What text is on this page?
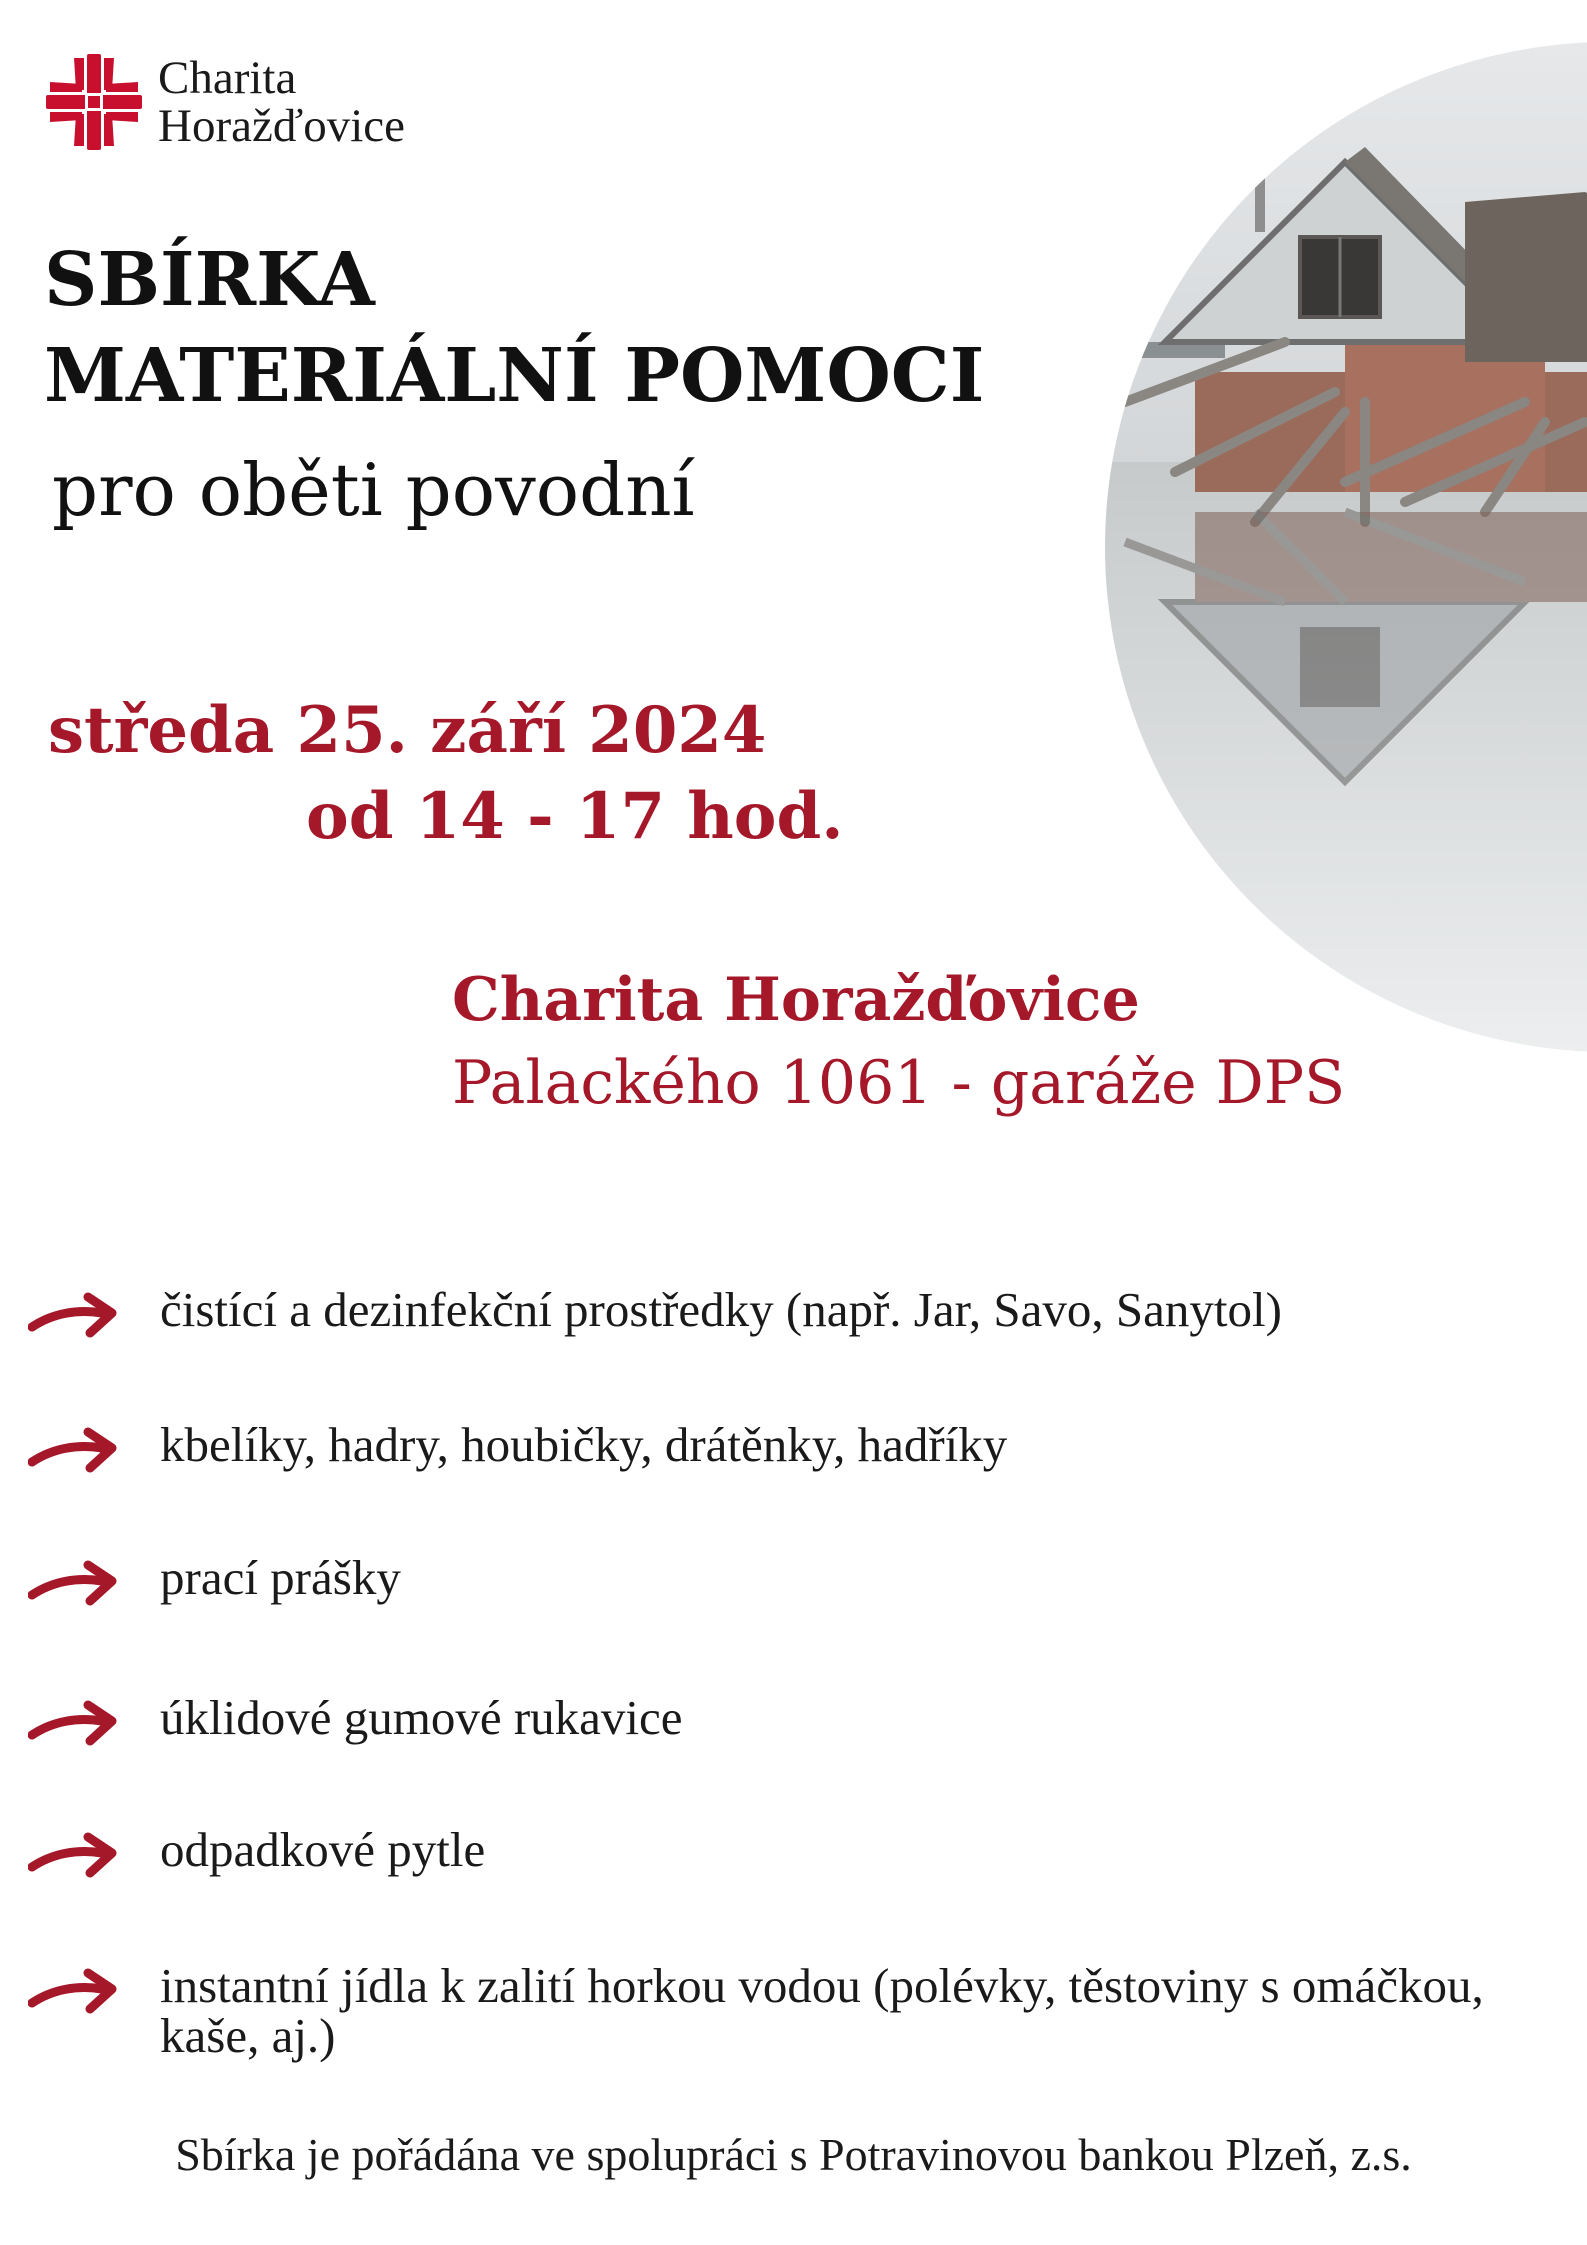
Charita
Horažďovice
SBÍRKA
MATERIÁLNÍ POMOCI
pro oběti povodní
středa 25. září 2024
od 14 - 17 hod.
Charita Horažďovice
Palackého 1061 - garáže DPS
čistící a dezinfekční prostředky (např. Jar, Savo, Sanytol)
kbelíky, hadry, houbičky, drátěnky, hadříky
prací prášky
úklidové gumové rukavice
odpadkové pytle
instantní jídla k zalití horkou vodou (polévky, těstoviny s omáčkou, kaše, aj.)
Sbírka je pořádána ve spolupráci s Potravinovou bankou Plzeň, z.s.
